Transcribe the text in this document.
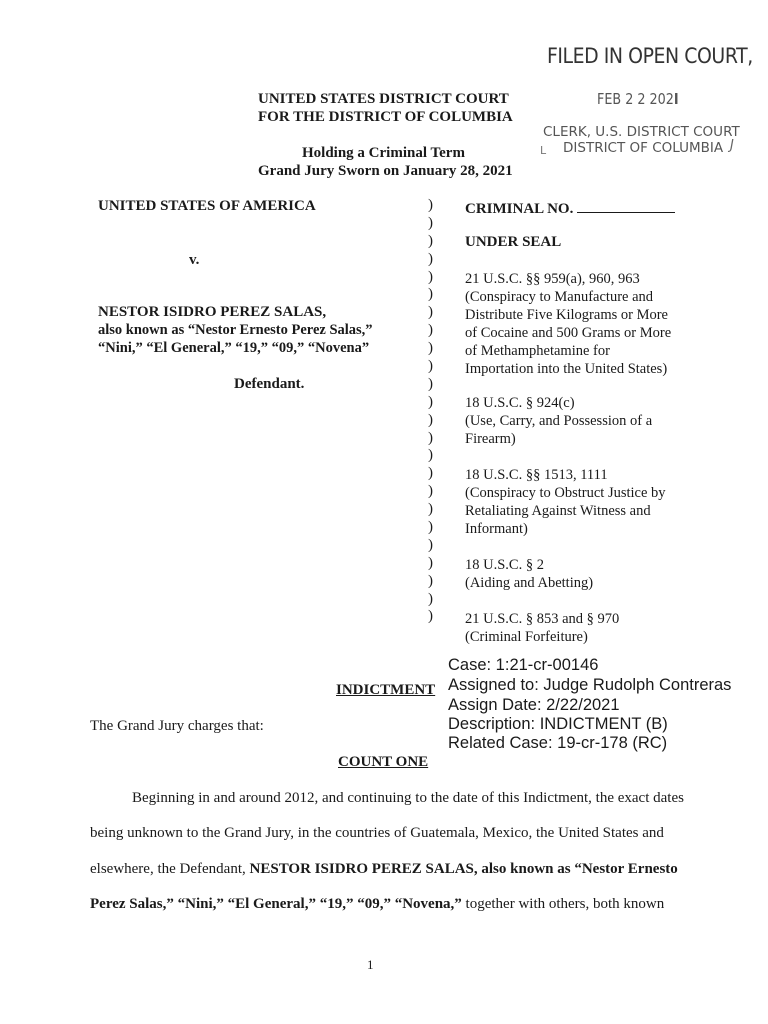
FILED IN OPEN COURT,
FEB 2 2 202I
CLERK, U.S. DISTRICT COURT
L DISTRICT OF COLUMBIA J
UNITED STATES DISTRICT COURT
FOR THE DISTRICT OF COLUMBIA
Holding a Criminal Term
Grand Jury Sworn on January 28, 2021
UNITED STATES OF AMERICA
v.
NESTOR ISIDRO PEREZ SALAS,
also known as “Nestor Ernesto Perez Salas,”
“Nini,” “El General,” “19,” “09,” “Novena”
Defendant.
)
)
)
)
)
)
)
)
)
)
)
)
)
)
)
)
)
)
)
)
)
)
)
)
CRIMINAL NO.
UNDER SEAL
21 U.S.C. §§ 959(a), 960, 963
(Conspiracy to Manufacture and
Distribute Five Kilograms or More
of Cocaine and 500 Grams or More
of Methamphetamine for
Importation into the United States)
18 U.S.C. § 924(c)
(Use, Carry, and Possession of a
Firearm)
18 U.S.C. §§ 1513, 1111
(Conspiracy to Obstruct Justice by
Retaliating Against Witness and
Informant)
18 U.S.C. § 2
(Aiding and Abetting)
21 U.S.C. § 853 and § 970
(Criminal Forfeiture)
Case: 1:21-cr-00146
Assigned to: Judge Rudolph Contreras
Assign Date: 2/22/2021
Description: INDICTMENT (B)
Related Case: 19-cr-178 (RC)
INDICTMENT
The Grand Jury charges that:
COUNT ONE
Beginning in and around 2012, and continuing to the date of this Indictment, the exact dates
being unknown to the Grand Jury, in the countries of Guatemala, Mexico, the United States and
elsewhere, the Defendant, NESTOR ISIDRO PEREZ SALAS, also known as “Nestor Ernesto
Perez Salas,” “Nini,” “El General,” “19,” “09,” “Novena,” together with others, both known
1
